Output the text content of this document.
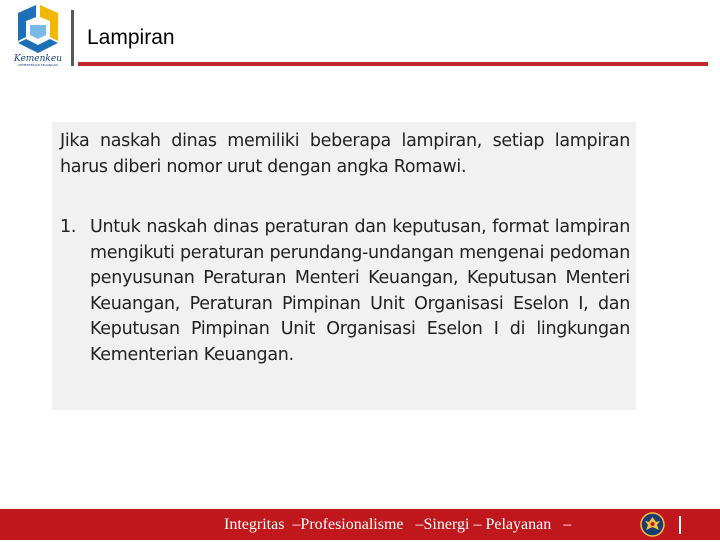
Kemenkeu
KEMENTERIAN KEUANGAN
Lampiran
Jika naskah dinas memiliki beberapa lampiran, setiap lampiran harus diberi nomor urut dengan angka Romawi.
1. Untuk naskah dinas peraturan dan keputusan, format lampiran mengikuti peraturan perundang-undangan mengenai pedoman penyusunan Peraturan Menteri Keuangan, Keputusan Menteri Keuangan, Peraturan Pimpinan Unit Organisasi Eselon I, dan Keputusan Pimpinan Unit Organisasi Eselon I di lingkungan Kementerian Keuangan.
Integritas  –Profesionalisme   –Sinergi – Pelayanan   –
